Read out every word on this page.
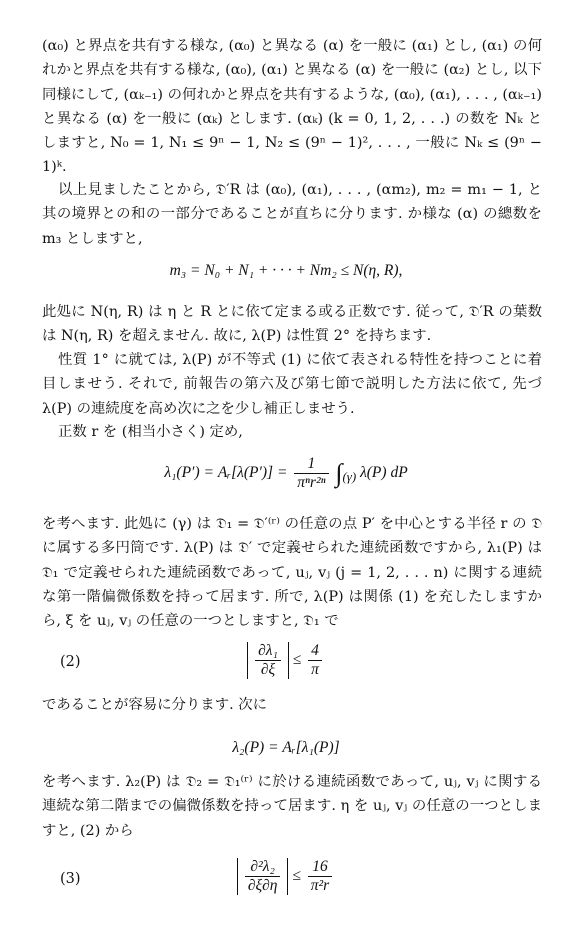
(α₀) と界点を共有する様な, (α₀) と異なる (α) を一般に (α₁) とし, (α₁) の何れかと界点を共有する様な, (α₀), (α₁) と異なる (α) を一般に (α₂) とし, 以下同様にして, (αₖ₋₁) の何れかと界点を共有するような, (α₀), (α₁), . . . , (αₖ₋₁) と異なる (α) を一般に (αₖ) とします. (αₖ) (k = 0, 1, 2, . . .) の数を Nₖ としますと, N₀ = 1, N₁ ≤ 9ⁿ − 1, N₂ ≤ (9ⁿ − 1)², . . . , 一般に Nₖ ≤ (9ⁿ − 1)ᵏ.

以上見ましたことから, 𝔇′R は (α₀), (α₁), . . . , (αm₂), m₂ = m₁ − 1, と其の境界との和の一部分であることが直ちに分ります. か様な (α) の總数を m₃ としますと,

m₃ = N₀ + N₁ + · · · + Nm₂ ≤ N(η, R),

此処に N(η, R) は η と R とに依て定まる或る正数です. 従って, 𝔇′R の葉数は N(η, R) を超えません. 故に, λ(P) は性質 2° を持ちます.

性質 1° に就ては, λ(P) が不等式 (1) に依て表される特性を持つことに着目しませう. それで, 前報告の第六及び第七節で説明した方法に依て, 先づ λ(P) の連続度を高め次に之を少し補正しませう.

正数 r を (相当小さく) 定め,

λ₁(P′) = Aᵣ[λ(P′)] = $\frac{1}{\text{πⁿr²ⁿ}} \int_{(\gamma)}$ λ(P) dP

を考へます. 此処に (γ) は 𝔇₁ = 𝔇′⁽ʳ⁾ の任意の点 P′ を中心とする半径 r の 𝔇 に属する多円筒です. λ(P) は 𝔇′ で定義せられた連続函数ですから, λ₁(P) は 𝔇₁ で定義せられた連続函数であって, uⱼ, vⱼ (j = 1, 2, . . . n) に関する連続な第一階偏微係数を持って居ます. 所で, λ(P) は関係 (1) を充したしますから, ξ を uⱼ, vⱼ の任意の一つとしますと, 𝔇₁ で

(2)	$\frac{\text{∂λ₁}}{\partial\xi} \le \frac{4}{\pi}$

であることが容易に分ります. 次に

λ₂(P) = Aᵣ[λ₁(P)]

を考へます. λ₂(P) は 𝔇₂ = 𝔇₁⁽ʳ⁾ に於ける連続函数であって, uⱼ, vⱼ に関する連続な第二階までの偏微係数を持って居ます. η を uⱼ, vⱼ の任意の一つとしますと, (2) から

(3)	$\frac{\text{∂²λ₂}}{\partial\xi\partial\eta} \le \frac{16}{\text{π²r}}$
